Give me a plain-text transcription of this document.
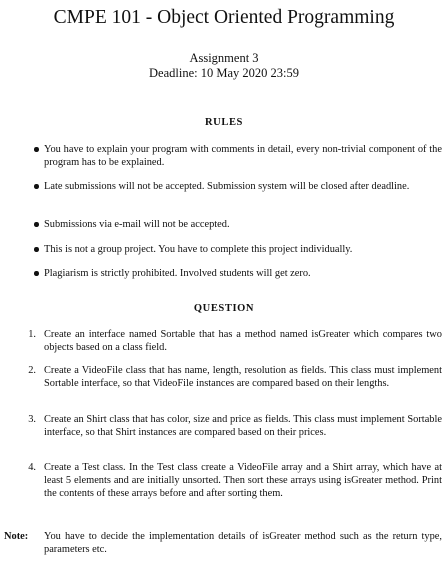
CMPE 101 - Object Oriented Programming
Assignment 3
Deadline: 10 May 2020 23:59
RULES
You have to explain your program with comments in detail, every non-trivial component of the program has to be explained.
Late submissions will not be accepted. Submission system will be closed after deadline.
Submissions via e-mail will not be accepted.
This is not a group project. You have to complete this project individually.
Plagiarism is strictly prohibited. Involved students will get zero.
QUESTION
1. Create an interface named Sortable that has a method named isGreater which compares two objects based on a class field.
2. Create a VideoFile class that has name, length, resolution as fields. This class must implement Sortable interface, so that VideoFile instances are compared based on their lengths.
3. Create an Shirt class that has color, size and price as fields. This class must implement Sortable interface, so that Shirt instances are compared based on their prices.
4. Create a Test class. In the Test class create a VideoFile array and a Shirt array, which have at least 5 elements and are initially unsorted. Then sort these arrays using isGreater method. Print the contents of these arrays before and after sorting them.
Note: You have to decide the implementation details of isGreater method such as the return type, parameters etc.
